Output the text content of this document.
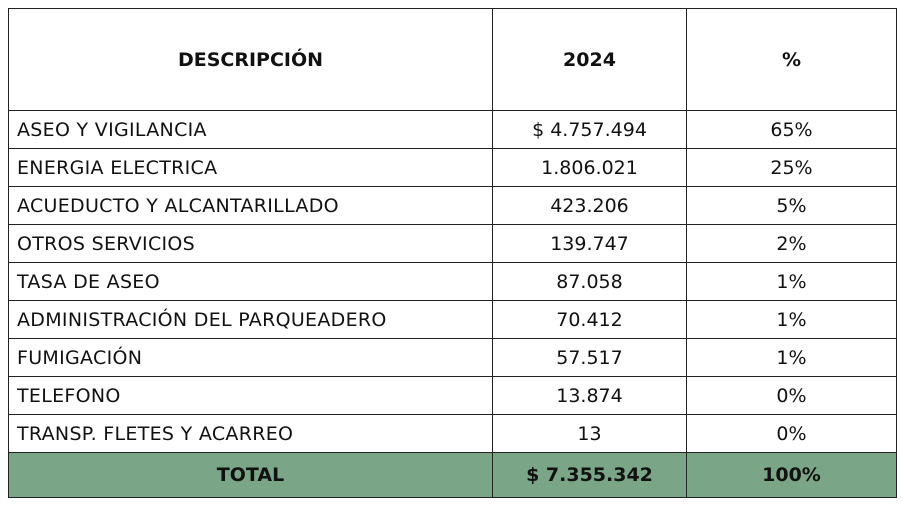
DESCRIPCIÓN	2024	%
ASEO Y VIGILANCIA	$ 4.757.494	65%
ENERGIA ELECTRICA	1.806.021	25%
ACUEDUCTO Y ALCANTARILLADO	423.206	5%
OTROS SERVICIOS	139.747	2%
TASA DE ASEO	87.058	1%
ADMINISTRACIÓN DEL PARQUEADERO	70.412	1%
FUMIGACIÓN	57.517	1%
TELEFONO	13.874	0%
TRANSP. FLETES Y ACARREO	13	0%
TOTAL	$ 7.355.342	100%
